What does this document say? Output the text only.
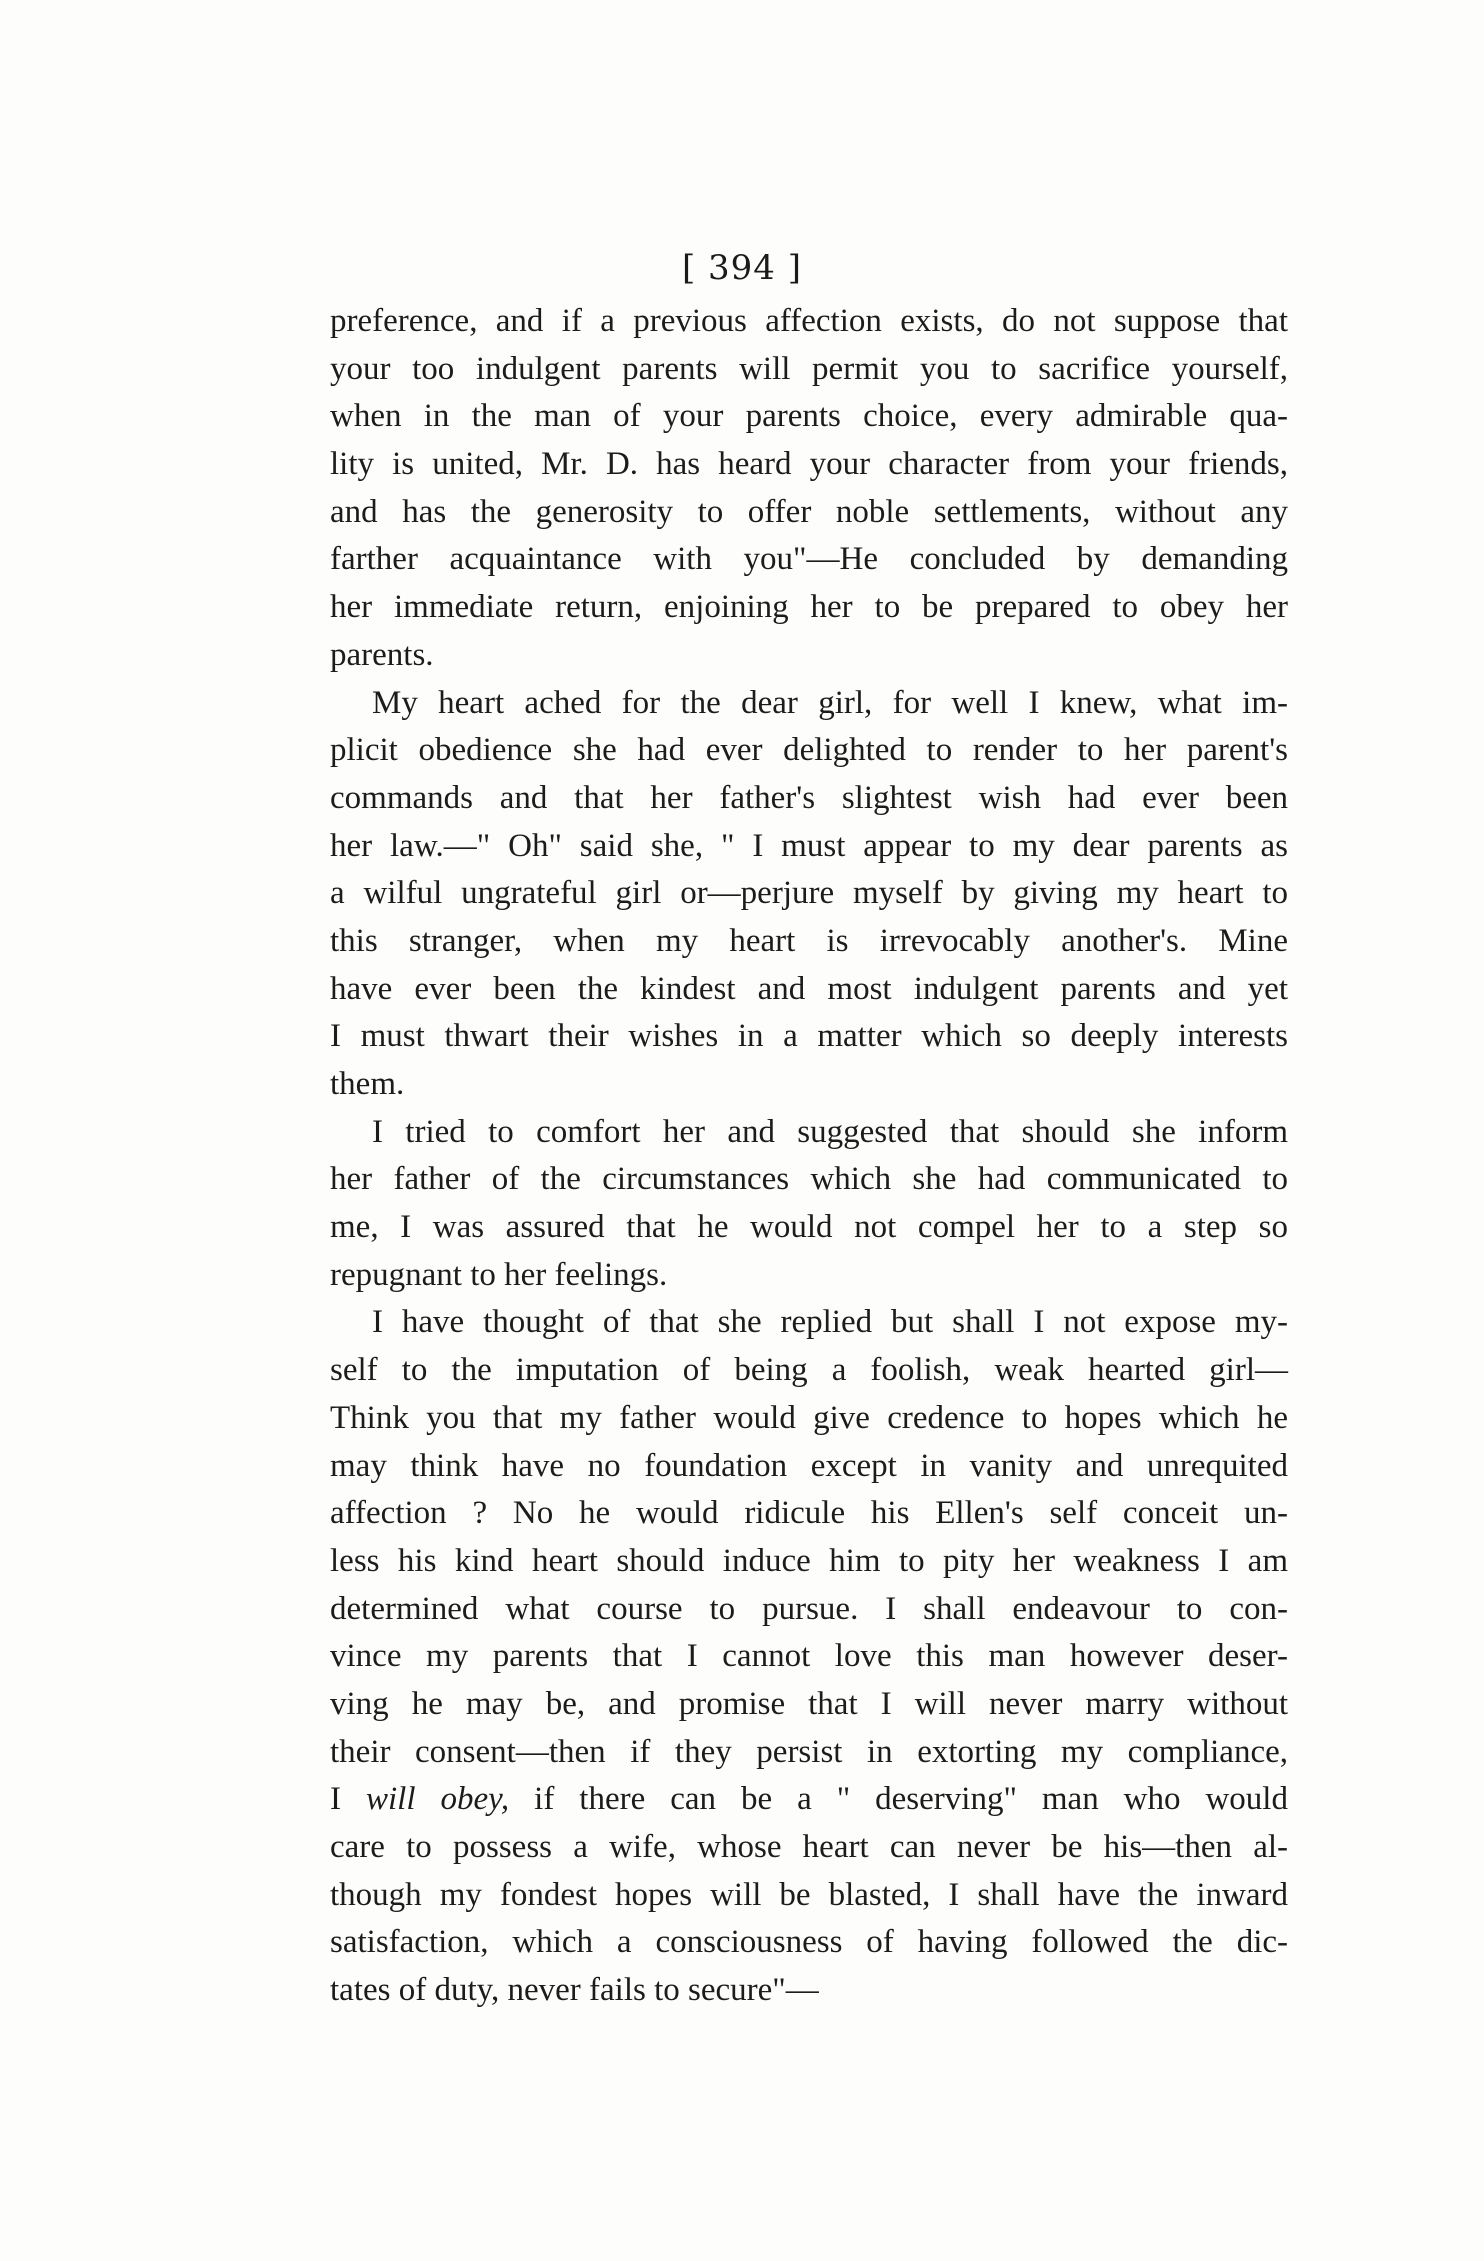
[ 394 ]
preference, and if a previous affection exists, do not suppose that
your too indulgent parents will permit you to sacrifice yourself,
when in the man of your parents choice, every admirable qua-
lity is united, Mr. D. has heard your character from your friends,
and has the generosity to offer noble settlements, without any
farther acquaintance with you"—He concluded by demanding
her immediate return, enjoining her to be prepared to obey her
parents.
My heart ached for the dear girl, for well I knew, what im-
plicit obedience she had ever delighted to render to her parent's
commands and that her father's slightest wish had ever been
her law.—" Oh" said she, " I must appear to my dear parents as
a wilful ungrateful girl or—perjure myself by giving my heart to
this stranger, when my heart is irrevocably another's. Mine
have ever been the kindest and most indulgent parents and yet
I must thwart their wishes in a matter which so deeply interests
them.
I tried to comfort her and suggested that should she inform
her father of the circumstances which she had communicated to
me, I was assured that he would not compel her to a step so
repugnant to her feelings.
I have thought of that she replied but shall I not expose my-
self to the imputation of being a foolish, weak hearted girl—
Think you that my father would give credence to hopes which he
may think have no foundation except in vanity and unrequited
affection ? No he would ridicule his Ellen's self conceit un-
less his kind heart should induce him to pity her weakness I am
determined what course to pursue. I shall endeavour to con-
vince my parents that I cannot love this man however deser-
ving he may be, and promise that I will never marry without
their consent—then if they persist in extorting my compliance,
I will obey, if there can be a " deserving" man who would
care to possess a wife, whose heart can never be his—then al-
though my fondest hopes will be blasted, I shall have the inward
satisfaction, which a consciousness of having followed the dic-
tates of duty, never fails to secure"—
